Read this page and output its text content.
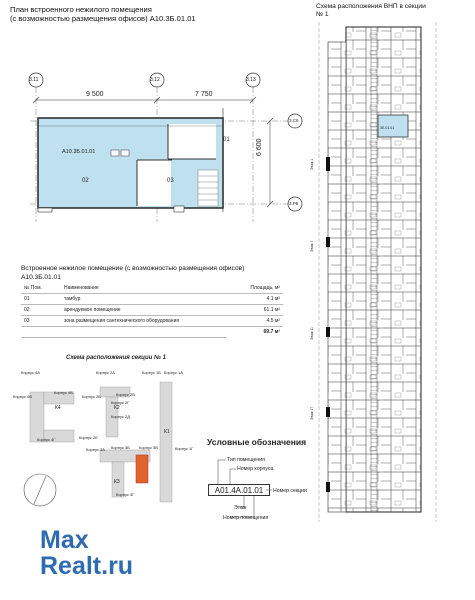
План встроенного нежилого помещения
(с возможностью размещения офисов) А10.3Б.01.01
3.11	3.12	3.13
3.С6
3.Р6
9 500	7 750
6 600
А10.3Б.01.01
01
02	03
Встроенное нежилое помещение (с возможностью размещения офисов)
А10.3Б.01.01
№ Пом.	Наименование	Площадь, м²
01	тамбур	4.1 м²
02	арендуемое помещение	61.1 м²
03	зона размещения сантехнического оборудования	4.5 м²
		69.7 м²
Схема расположения секции № 1
Корпус 4А
Корпус 4Б
Корпус 4В
Корпус 4Г
Корпус 2А	Корпус 1Б Корпус 1А
Корпус 2Б	Корпус 2В
Корпус 2Г
Корпус 2Д
Корпус 2Е
Корпус 3А Корпус 3Б Корпус 3В	Корпус 1Г
Корпус 3Г
К4	К2
К1
К3
Условные обозначения
А01.4А.01.01
Тип помещения
Номер корпуса
Номер секции
Этаж
Номер помещения
Схема расположения ВНП в секции
№ 1
ЗБ.01.01
Этаж 1
Этаж 7
Этаж 11
Этаж 17
Max
Realt.ru
